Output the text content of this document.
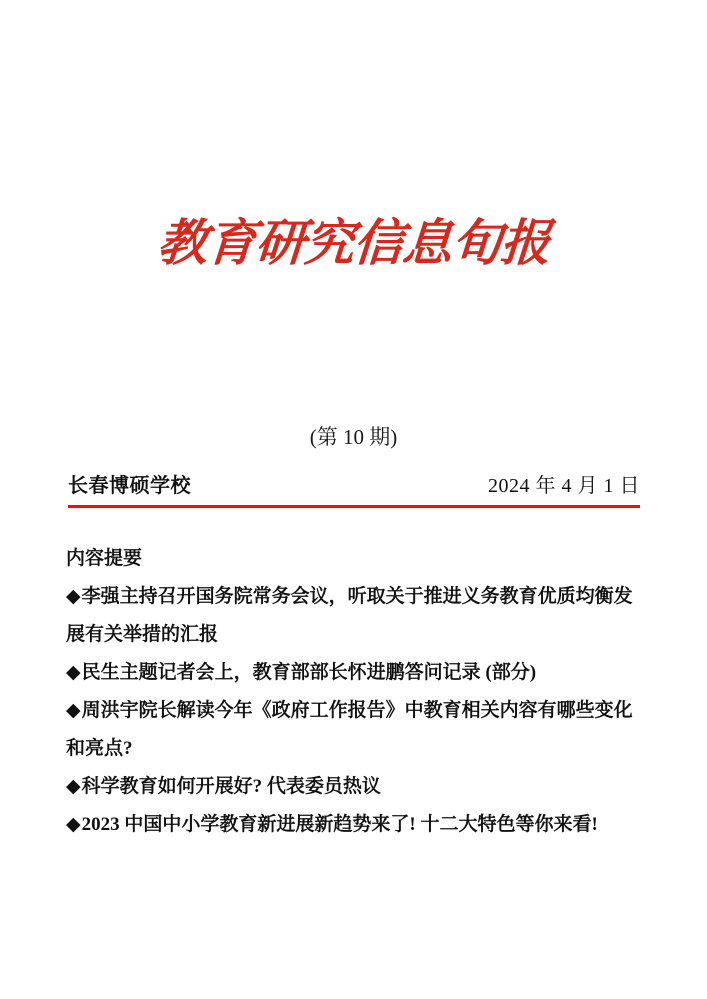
教育研究信息旬报
(第 10 期)
长春博硕学校	2024 年 4 月 1 日

内容提要

◆李强主持召开国务院常务会议，听取关于推进义务教育优质均衡发展有关举措的汇报

◆民生主题记者会上，教育部部长怀进鹏答问记录 (部分)

◆周洪宇院长解读今年《政府工作报告》中教育相关内容有哪些变化和亮点?

◆科学教育如何开展好? 代表委员热议

◆2023 中国中小学教育新进展新趋势来了! 十二大特色等你来看!
